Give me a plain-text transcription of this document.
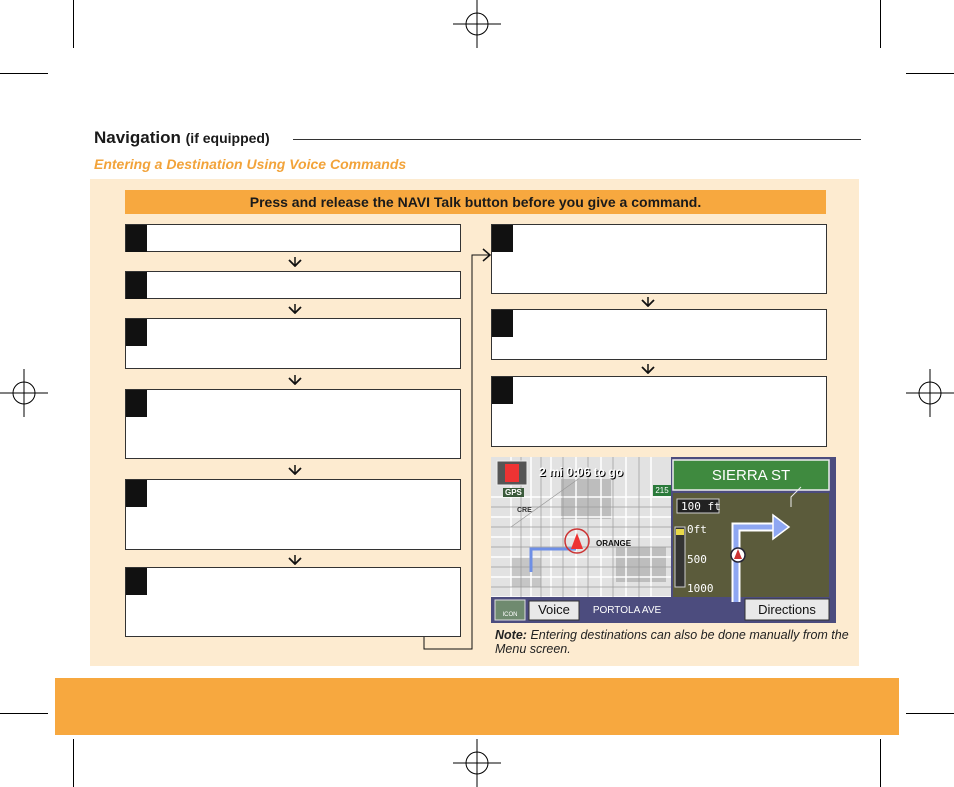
Navigation (if equipped)
Entering a Destination Using Voice Commands
Press and release the NAVI Talk button before you give a command.
SIERRA ST
2 mi 0:06 to go
100 ft
0ft
500
1000
ORANGE
CRE
215
GPS
ICON	Voice	PORTOLA AVE	Directions
Note: Entering destinations can also be done manually from the Menu screen.
